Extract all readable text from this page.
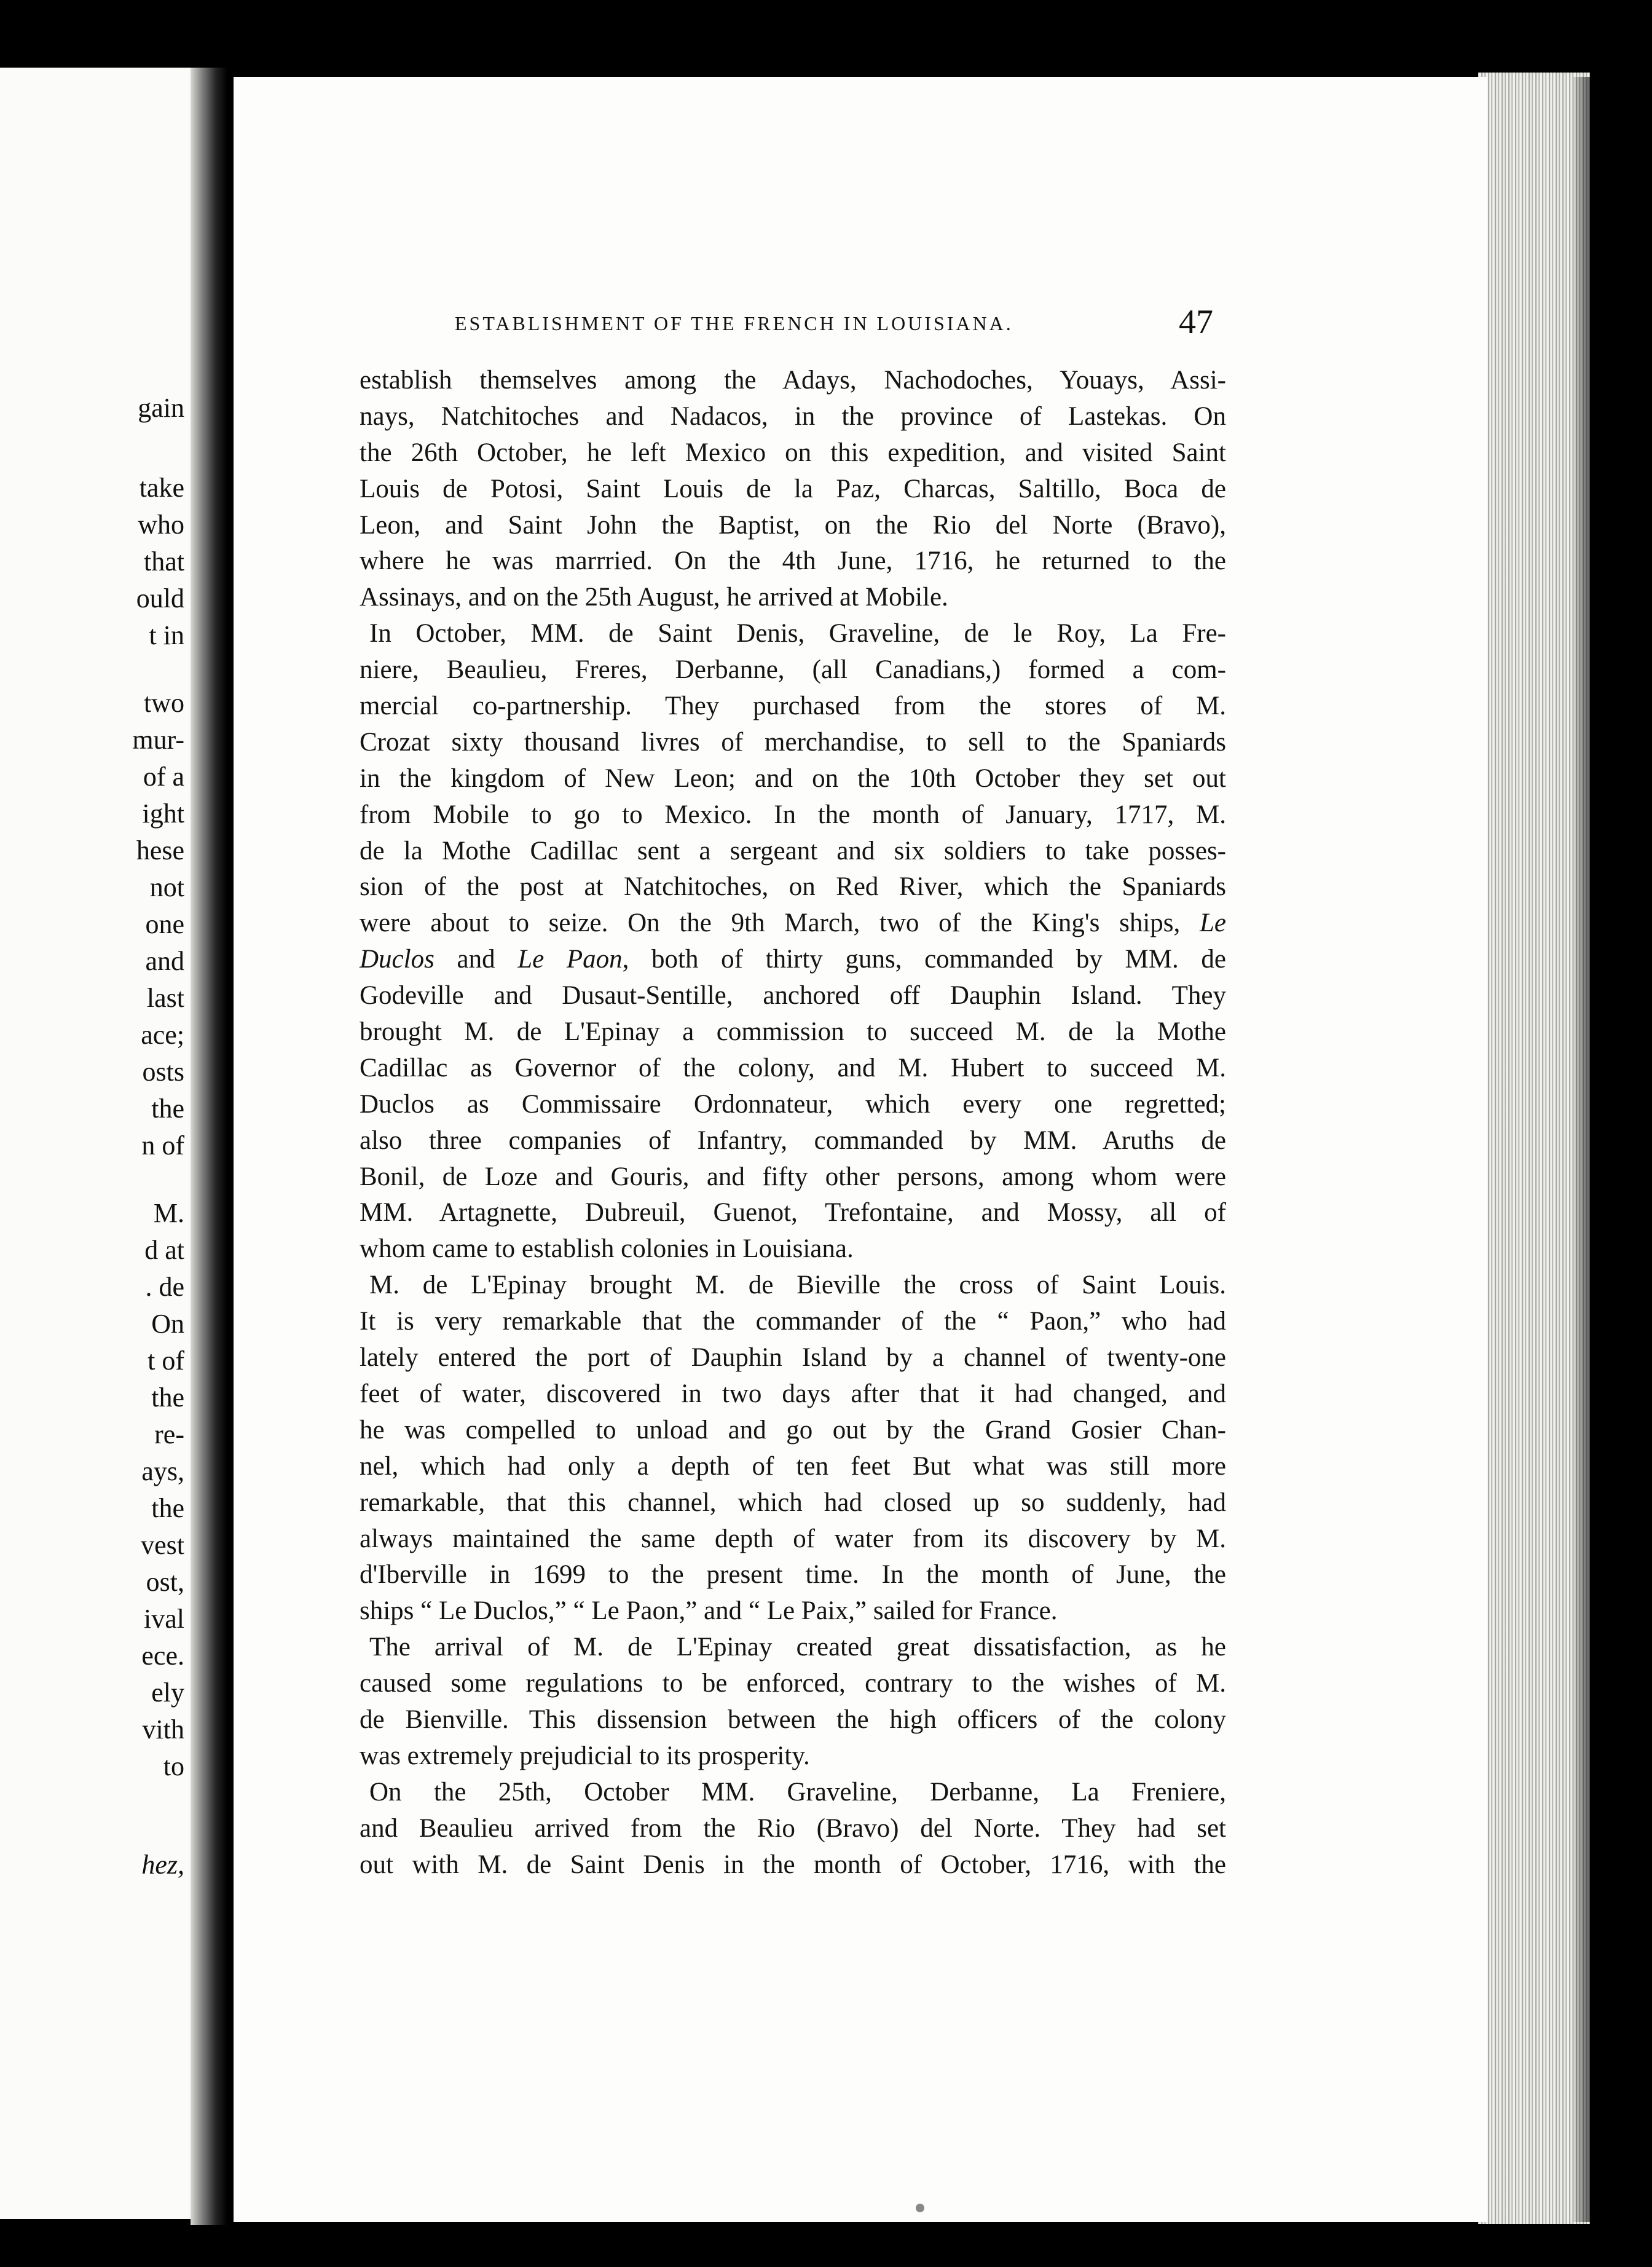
gain
take
who
that
ould
t in
two
mur-
of a
ight
hese
not
one
and
last
ace;
osts
the
n of
M.
d at
. de
On
t of
the
re-
ays,
the
vest
ost,
ival
ece.
ely
vith
to
hez,
ESTABLISHMENT OF THE FRENCH IN LOUISIANA.	47
establish themselves among the Adays, Nachodoches, Youays, Assi-
nays, Natchitoches and Nadacos, in the province of Lastekas. On
the 26th October, he left Mexico on this expedition, and visited Saint
Louis de Potosi, Saint Louis de la Paz, Charcas, Saltillo, Boca de
Leon, and Saint John the Baptist, on the Rio del Norte (Bravo),
where he was marrried. On the 4th June, 1716, he returned to the
Assinays, and on the 25th August, he arrived at Mobile.
In October, MM. de Saint Denis, Graveline, de le Roy, La Fre-
niere, Beaulieu, Freres, Derbanne, (all Canadians,) formed a com-
mercial co-partnership. They purchased from the stores of M.
Crozat sixty thousand livres of merchandise, to sell to the Spaniards
in the kingdom of New Leon; and on the 10th October they set out
from Mobile to go to Mexico. In the month of January, 1717, M.
de la Mothe Cadillac sent a sergeant and six soldiers to take posses-
sion of the post at Natchitoches, on Red River, which the Spaniards
were about to seize. On the 9th March, two of the King's ships, Le
Duclos and Le Paon, both of thirty guns, commanded by MM. de
Godeville and Dusaut-Sentille, anchored off Dauphin Island. They
brought M. de L'Epinay a commission to succeed M. de la Mothe
Cadillac as Governor of the colony, and M. Hubert to succeed M.
Duclos as Commissaire Ordonnateur, which every one regretted;
also three companies of Infantry, commanded by MM. Aruths de
Bonil, de Loze and Gouris, and fifty other persons, among whom were
MM. Artagnette, Dubreuil, Guenot, Trefontaine, and Mossy, all of
whom came to establish colonies in Louisiana.
M. de L'Epinay brought M. de Bieville the cross of Saint Louis.
It is very remarkable that the commander of the “ Paon,” who had
lately entered the port of Dauphin Island by a channel of twenty-one
feet of water, discovered in two days after that it had changed, and
he was compelled to unload and go out by the Grand Gosier Chan-
nel, which had only a depth of ten feet But what was still more
remarkable, that this channel, which had closed up so suddenly, had
always maintained the same depth of water from its discovery by M.
d'Iberville in 1699 to the present time. In the month of June, the
ships “ Le Duclos,” “ Le Paon,” and “ Le Paix,” sailed for France.
The arrival of M. de L'Epinay created great dissatisfaction, as he
caused some regulations to be enforced, contrary to the wishes of M.
de Bienville. This dissension between the high officers of the colony
was extremely prejudicial to its prosperity.
On the 25th, October MM. Graveline, Derbanne, La Freniere,
and Beaulieu arrived from the Rio (Bravo) del Norte. They had set
out with M. de Saint Denis in the month of October, 1716, with the
